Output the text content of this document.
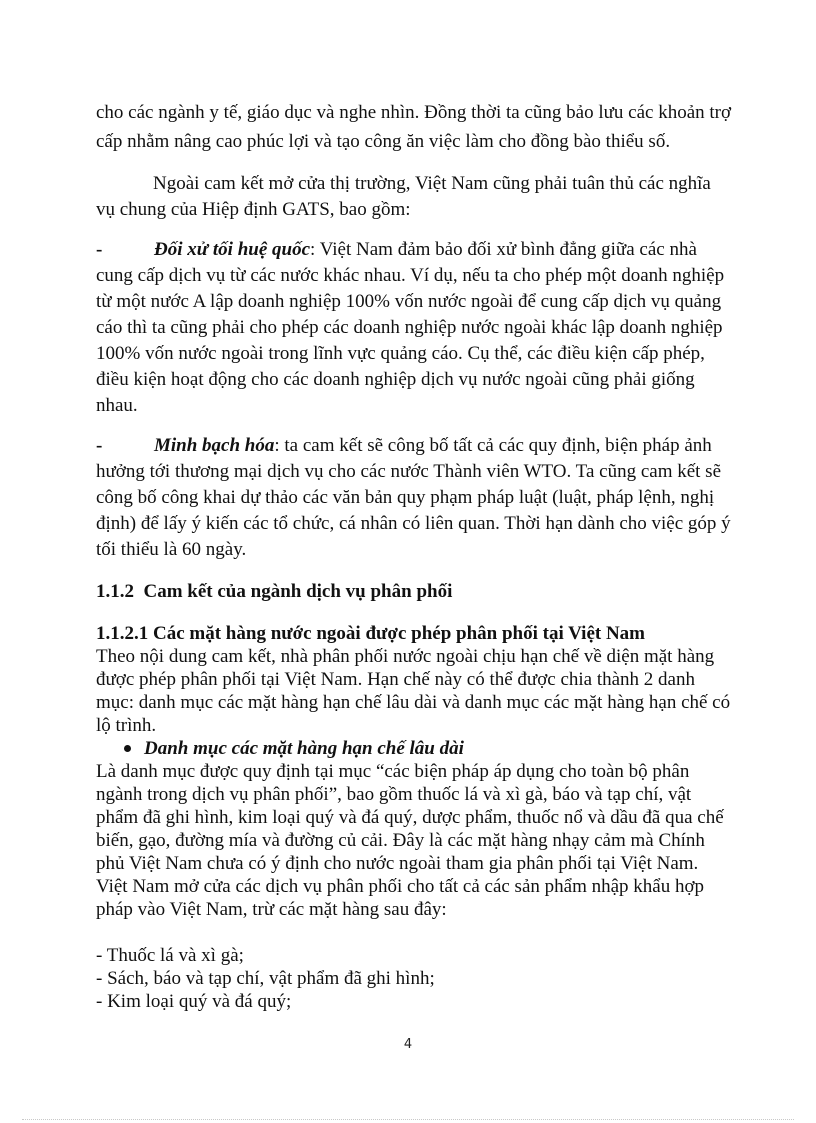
cho các ngành y tế, giáo dục và nghe nhìn. Đồng thời ta cũng bảo lưu các khoản trợ
cấp nhằm nâng cao phúc lợi và tạo công ăn việc làm cho đồng bào thiểu số.
Ngoài cam kết mở cửa thị trường, Việt Nam cũng phải tuân thủ các nghĩa
vụ chung của Hiệp định GATS, bao gồm:
-	Đối xử tối huệ quốc: Việt Nam đảm bảo đối xử bình đẳng giữa các nhà
cung cấp dịch vụ từ các nước khác nhau. Ví dụ, nếu ta cho phép một doanh nghiệp
từ một nước A lập doanh nghiệp 100% vốn nước ngoài để cung cấp dịch vụ quảng
cáo thì ta cũng phải cho phép các doanh nghiệp nước ngoài khác lập doanh nghiệp
100% vốn nước ngoài trong lĩnh vực quảng cáo. Cụ thể, các điều kiện cấp phép,
điều kiện hoạt động cho các doanh nghiệp dịch vụ nước ngoài cũng phải giống
nhau.
-	Minh bạch hóa: ta cam kết sẽ công bố tất cả các quy định, biện pháp ảnh
hưởng tới thương mại dịch vụ cho các nước Thành viên WTO. Ta cũng cam kết sẽ
công bố công khai dự thảo các văn bản quy phạm pháp luật (luật, pháp lệnh, nghị
định) để lấy ý kiến các tổ chức, cá nhân có liên quan. Thời hạn dành cho việc góp ý
tối thiểu là 60 ngày.
1.1.2 Cam kết của ngành dịch vụ phân phối
1.1.2.1 Các mặt hàng nước ngoài được phép phân phối tại Việt Nam
Theo nội dung cam kết, nhà phân phối nước ngoài chịu hạn chế về diện mặt hàng
được phép phân phối tại Việt Nam. Hạn chế này có thể được chia thành 2 danh
mục: danh mục các mặt hàng hạn chế lâu dài và danh mục các mặt hàng hạn chế có
lộ trình.
Danh mục các mặt hàng hạn chế lâu dài
Là danh mục được quy định tại mục “các biện pháp áp dụng cho toàn bộ phân
ngành trong dịch vụ phân phối”, bao gồm thuốc lá và xì gà, báo và tạp chí, vật
phẩm đã ghi hình, kim loại quý và đá quý, dược phẩm, thuốc nổ và dầu đã qua chế
biến, gạo, đường mía và đường củ cải. Đây là các mặt hàng nhạy cảm mà Chính
phủ Việt Nam chưa có ý định cho nước ngoài tham gia phân phối tại Việt Nam.
Việt Nam mở cửa các dịch vụ phân phối cho tất cả các sản phẩm nhập khẩu hợp
pháp vào Việt Nam, trừ các mặt hàng sau đây:
- Thuốc lá và xì gà;
- Sách, báo và tạp chí, vật phẩm đã ghi hình;
- Kim loại quý và đá quý;
4
